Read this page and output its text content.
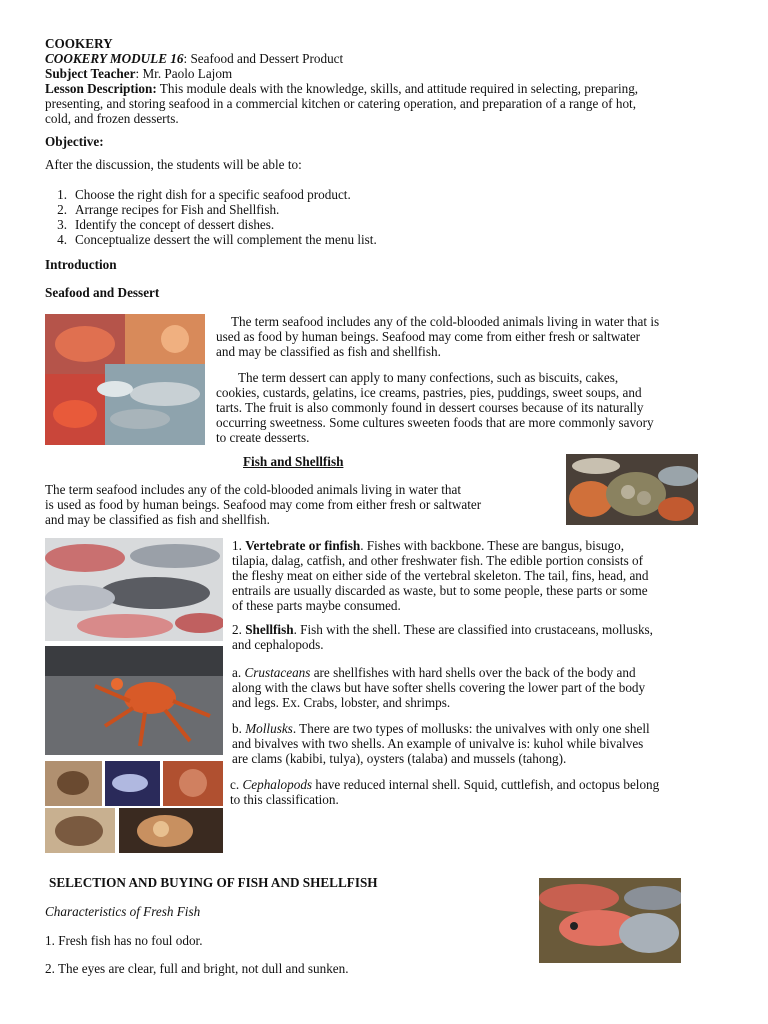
COOKERY
COOKERY MODULE 16: Seafood and Dessert Product
Subject Teacher: Mr. Paolo Lajom
Lesson Description: This module deals with the knowledge, skills, and attitude required in selecting, preparing,
presenting, and storing seafood in a commercial kitchen or catering operation, and preparation of a range of hot,
cold, and frozen desserts.
Objective:
After the discussion, the students will be able to:
1. Choose the right dish for a specific seafood product.
2. Arrange recipes for Fish and Shellfish.
3. Identify the concept of dessert dishes.
4. Conceptualize dessert the will complement the menu list.
Introduction
Seafood and Dessert
The term seafood includes any of the cold-blooded animals living in water that is
used as food by human beings. Seafood may come from either fresh or saltwater
and may be classified as fish and shellfish.
The term dessert can apply to many confections, such as biscuits, cakes,
cookies, custards, gelatins, ice creams, pastries, pies, puddings, sweet soups, and
tarts. The fruit is also commonly found in dessert courses because of its naturally
occurring sweetness. Some cultures sweeten foods that are more commonly savory
to create desserts.
Fish and Shellfish
The term seafood includes any of the cold-blooded animals living in water that
is used as food by human beings. Seafood may come from either fresh or saltwater
and may be classified as fish and shellfish.
1. Vertebrate or finfish. Fishes with backbone. These are bangus, bisugo,
tilapia, dalag, catfish, and other freshwater fish. The edible portion consists of
the fleshy meat on either side of the vertebral skeleton. The tail, fins, head, and
entrails are usually discarded as waste, but to some people, these parts or some
of these parts maybe consumed.
2. Shellfish. Fish with the shell. These are classified into crustaceans, mollusks,
and cephalopods.
a. Crustaceans are shellfishes with hard shells over the back of the body and
along with the claws but have softer shells covering the lower part of the body
and legs. Ex. Crabs, lobster, and shrimps.
b. Mollusks. There are two types of mollusks: the univalves with only one shell
and bivalves with two shells. An example of univalve is: kuhol while bivalves
are clams (kabibi, tulya), oysters (talaba) and mussels (tahong).
c. Cephalopods have reduced internal shell. Squid, cuttlefish, and octopus belong
to this classification.
SELECTION AND BUYING OF FISH AND SHELLFISH
Characteristics of Fresh Fish
1. Fresh fish has no foul odor.
2. The eyes are clear, full and bright, not dull and sunken.
